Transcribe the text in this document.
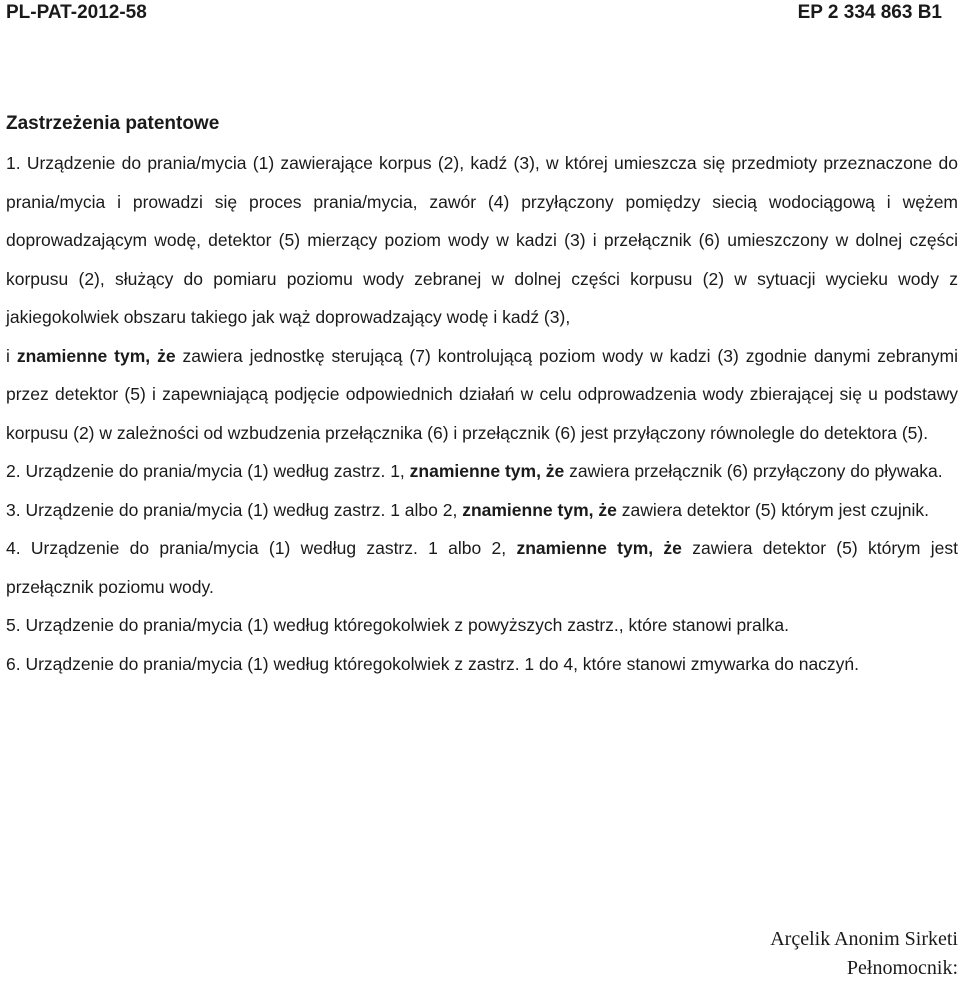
PL-PAT-2012-58	EP 2 334 863 B1
Zastrzeżenia patentowe

1. Urządzenie do prania/mycia (1) zawierające korpus (2), kadź (3), w której umieszcza się przedmioty przeznaczone do prania/mycia i prowadzi się proces prania/mycia, zawór (4) przyłączony pomiędzy siecią wodociągową i wężem doprowadzającym wodę, detektor (5) mierzący poziom wody w kadzi (3) i przełącznik (6) umieszczony w dolnej części korpusu (2), służący do pomiaru poziomu wody zebranej w dolnej części korpusu (2) w sytuacji wycieku wody z jakiegokolwiek obszaru takiego jak wąż doprowadzający wodę i kadź (3),
i znamienne tym, że zawiera jednostkę sterującą (7) kontrolującą poziom wody w kadzi (3) zgodnie danymi zebranymi przez detektor (5) i zapewniającą podjęcie odpowiednich działań w celu odprowadzenia wody zbierającej się u podstawy korpusu (2) w zależności od wzbudzenia przełącznika (6) i przełącznik (6) jest przyłączony równolegle do detektora (5).

2. Urządzenie do prania/mycia (1) według zastrz. 1, znamienne tym, że zawiera przełącznik (6) przyłączony do pływaka.

3. Urządzenie do prania/mycia (1) według zastrz. 1 albo 2, znamienne tym, że zawiera detektor (5) którym jest czujnik.

4. Urządzenie do prania/mycia (1) według zastrz. 1 albo 2, znamienne tym, że zawiera detektor (5) którym jest przełącznik poziomu wody.

5. Urządzenie do prania/mycia (1) według któregokolwiek z powyższych zastrz., które stanowi pralka.

6. Urządzenie do prania/mycia (1) według któregokolwiek z zastrz. 1 do 4, które stanowi zmywarka do naczyń.

Arçelik Anonim Sirketi
Pełnomocnik:
